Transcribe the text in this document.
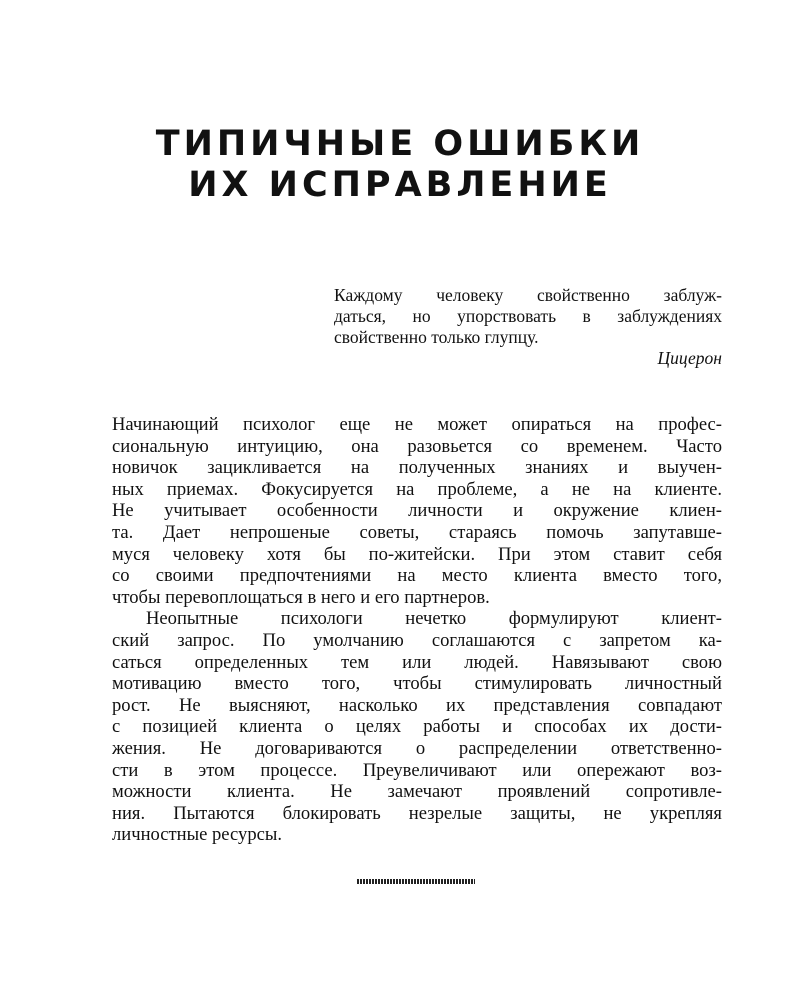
ТИПИЧНЫЕ ОШИБКИ
ИХ ИСПРАВЛЕНИЕ
Каждому человеку свойственно заблуж-
даться, но упорствовать в заблуждениях
свойственно только глупцу.
Цицерон
Начинающий психолог еще не может опираться на профес-
сиональную интуицию, она разовьется со временем. Часто
новичок зацикливается на полученных знаниях и выучен-
ных приемах. Фокусируется на проблеме, а не на клиенте.
Не учитывает особенности личности и окружение клиен-
та. Дает непрошеные советы, стараясь помочь запутавше-
муся человеку хотя бы по-житейски. При этом ставит себя
со своими предпочтениями на место клиента вместо того,
чтобы перевоплощаться в него и его партнеров.
Неопытные психологи нечетко формулируют клиент-
ский запрос. По умолчанию соглашаются с запретом ка-
саться определенных тем или людей. Навязывают свою
мотивацию вместо того, чтобы стимулировать личностный
рост. Не выясняют, насколько их представления совпадают
с позицией клиента о целях работы и способах их дости-
жения. Не договариваются о распределении ответственно-
сти в этом процессе. Преувеличивают или опережают воз-
можности клиента. Не замечают проявлений сопротивле-
ния. Пытаются блокировать незрелые защиты, не укрепляя
личностные ресурсы.
